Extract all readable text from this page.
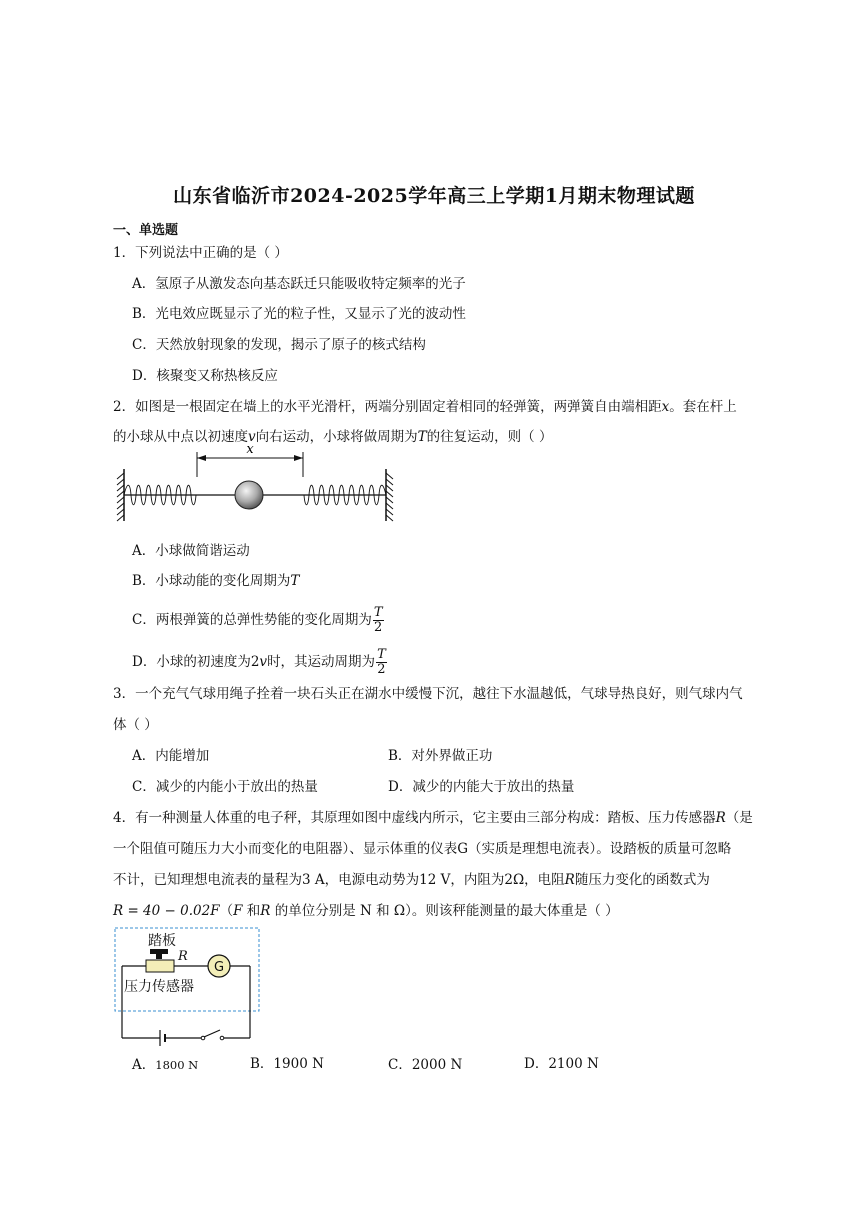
山东省临沂市2024-2025学年高三上学期1月期末物理试题
一、单选题
1．下列说法中正确的是（ ）
A．氢原子从激发态向基态跃迁只能吸收特定频率的光子
B．光电效应既显示了光的粒子性，又显示了光的波动性
C．天然放射现象的发现，揭示了原子的核式结构
D．核聚变又称热核反应
2．如图是一根固定在墙上的水平光滑杆，两端分别固定着相同的轻弹簧，两弹簧自由端相距x。套在杆上
的小球从中点以初速度v向右运动，小球将做周期为T的往复运动，则（ ）
x
A．小球做简谐运动
B．小球动能的变化周期为T
C．两根弹簧的总弹性势能的变化周期为 $\frac{T}{2}$
D．小球的初速度为2v时，其运动周期为 $\frac{T}{2}$
3．一个充气气球用绳子拴着一块石头正在湖水中缓慢下沉，越往下水温越低，气球导热良好，则气球内气
体（ ）
A．内能增加	B．对外界做正功
C．减少的内能小于放出的热量	D．减少的内能大于放出的热量
4．有一种测量人体重的电子秤，其原理如图中虚线内所示，它主要由三部分构成：踏板、压力传感器R（是
一个阻值可随压力大小而变化的电阻器）、显示体重的仪表G（实质是理想电流表）。设踏板的质量可忽略
不计，已知理想电流表的量程为3 A，电源电动势为12 V，内阻为2Ω，电阻R随压力变化的函数式为
R = 40 − 0.02F（F 和R 的单位分别是 N 和 Ω）。则该秤能测量的最大体重是（ ）
踏板
R
G
压力传感器
A．1800 N	B．1900 N	C．2000 N	D．2100 N
